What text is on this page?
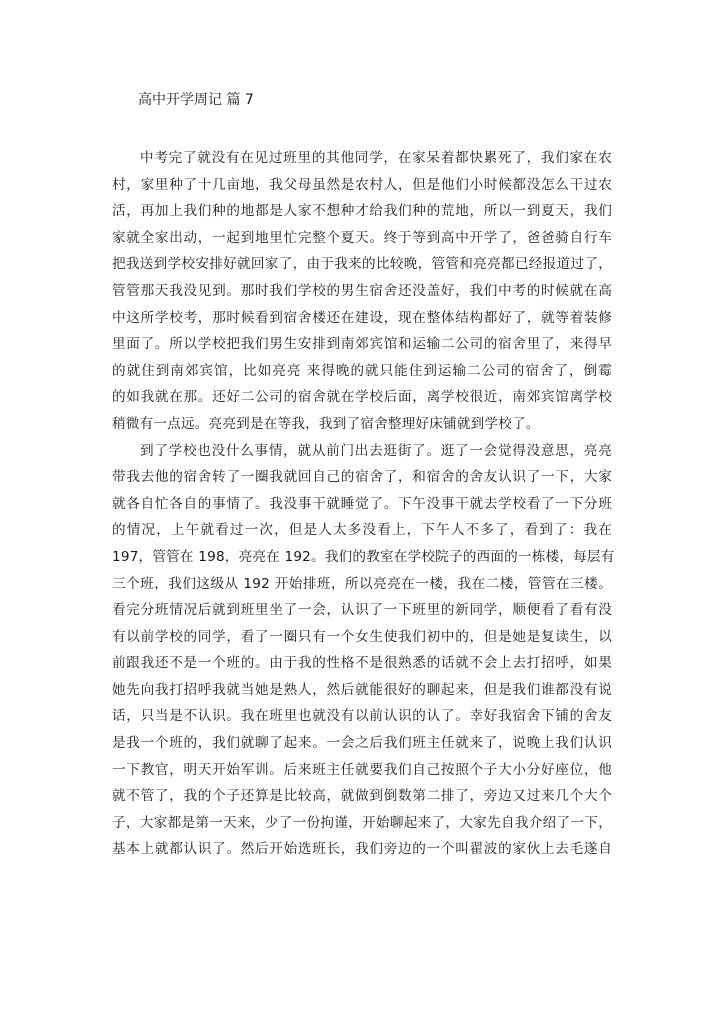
高中开学周记 篇 7
中考完了就没有在见过班里的其他同学，在家呆着都快累死了，我们家在农
村，家里种了十几亩地，我父母虽然是农村人，但是他们小时候都没怎么干过农
活，再加上我们种的地都是人家不想种才给我们种的荒地，所以一到夏天，我们
家就全家出动，一起到地里忙完整个夏天。终于等到高中开学了，爸爸骑自行车
把我送到学校安排好就回家了，由于我来的比较晚，管管和亮亮都已经报道过了，
管管那天我没见到。那时我们学校的男生宿舍还没盖好，我们中考的时候就在高
中这所学校考，那时候看到宿舍楼还在建设，现在整体结构都好了，就等着装修
里面了。所以学校把我们男生安排到南郊宾馆和运输二公司的宿舍里了，来得早
的就住到南郊宾馆，比如亮亮 来得晚的就只能住到运输二公司的宿舍了，倒霉
的如我就在那。还好二公司的宿舍就在学校后面，离学校很近，南郊宾馆离学校
稍微有一点远。亮亮到是在等我，我到了宿舍整理好床铺就到学校了。
到了学校也没什么事情，就从前门出去逛街了。逛了一会觉得没意思，亮亮
带我去他的宿舍转了一圈我就回自己的宿舍了，和宿舍的舍友认识了一下，大家
就各自忙各自的事情了。我没事干就睡觉了。下午没事干就去学校看了一下分班
的情况，上午就看过一次，但是人太多没看上，下午人不多了，看到了：我在
197，管管在 198，亮亮在 192。我们的教室在学校院子的西面的一栋楼，每层有
三个班，我们这级从 192 开始排班，所以亮亮在一楼，我在二楼，管管在三楼。
看完分班情况后就到班里坐了一会，认识了一下班里的新同学，顺便看了看有没
有以前学校的同学，看了一圈只有一个女生使我们初中的，但是她是复读生，以
前跟我还不是一个班的。由于我的性格不是很熟悉的话就不会上去打招呼，如果
她先向我打招呼我就当她是熟人，然后就能很好的聊起来，但是我们谁都没有说
话，只当是不认识。我在班里也就没有以前认识的认了。幸好我宿舍下铺的舍友
是我一个班的，我们就聊了起来。一会之后我们班主任就来了，说晚上我们认识
一下教官，明天开始军训。后来班主任就要我们自己按照个子大小分好座位，他
就不管了，我的个子还算是比较高，就做到倒数第二排了，旁边又过来几个大个
子，大家都是第一天来，少了一份拘谨，开始聊起来了，大家先自我介绍了一下，
基本上就都认识了。然后开始选班长，我们旁边的一个叫翟波的家伙上去毛遂自
